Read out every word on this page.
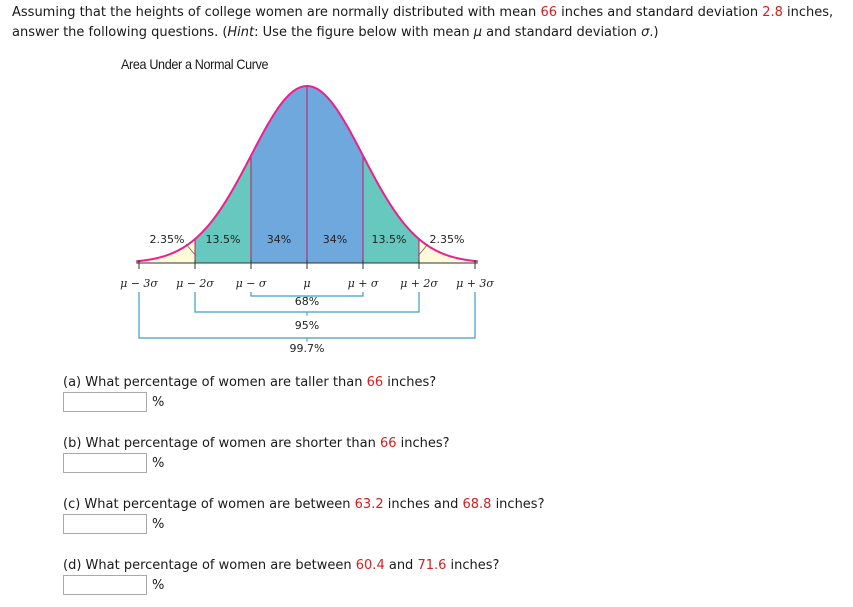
Assuming that the heights of college women are normally distributed with mean 66 inches and standard deviation 2.8 inches, answer the following questions. (Hint: Use the figure below with mean μ and standard deviation σ.)
Area Under a Normal Curve
2.35% 13.5% 34%	34% 13.5% 2.35%
μ − 3σ μ − 2σ μ − σ	μ	μ + σ μ + 2σ μ + 3σ
68%
95%
99.7%
(a) What percentage of women are taller than 66 inches?
%
(b) What percentage of women are shorter than 66 inches?
%
(c) What percentage of women are between 63.2 inches and 68.8 inches?
%
(d) What percentage of women are between 60.4 and 71.6 inches?
%
